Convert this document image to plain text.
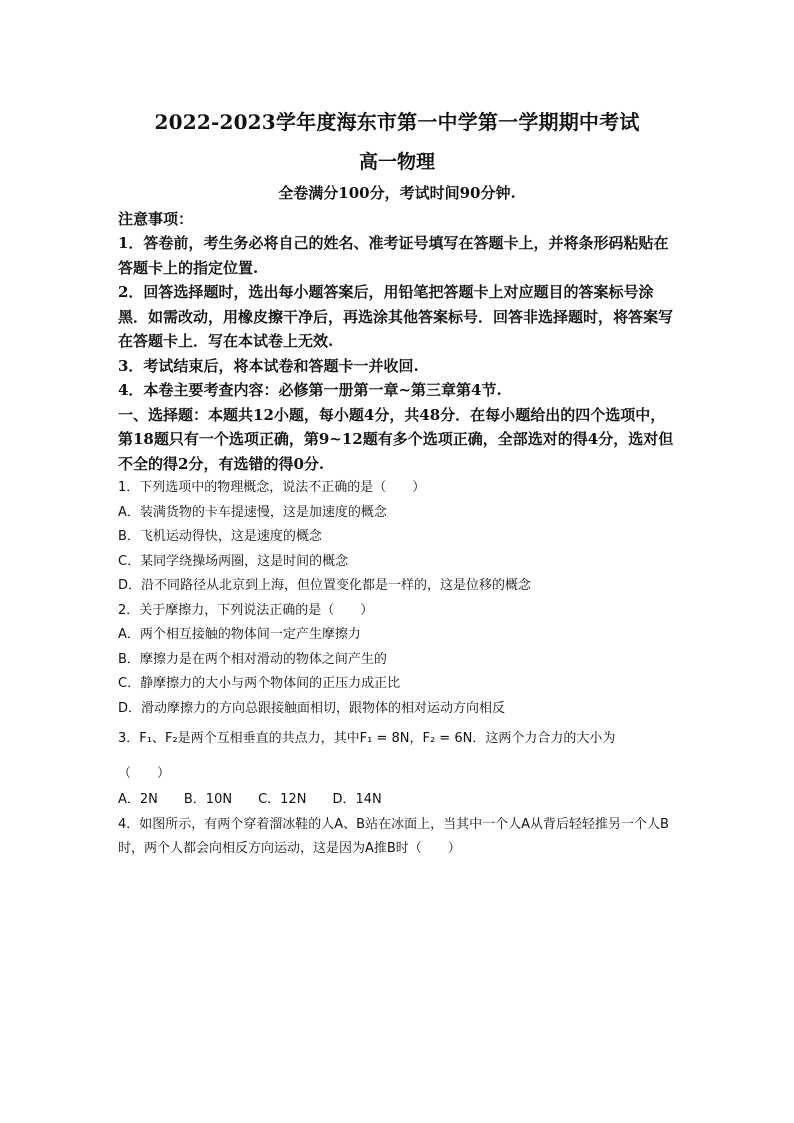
2022-2023学年度海东市第一中学第一学期期中考试
高一物理
全卷满分100分，考试时间90分钟.
注意事项：
1．答卷前，考生务必将自己的姓名、准考证号填写在答题卡上，并将条形码粘贴在答题卡上的指定位置.
2．回答选择题时，选出每小题答案后，用铅笔把答题卡上对应题目的答案标号涂黑．如需改动，用橡皮擦干净后，再选涂其他答案标号．回答非选择题时，将答案写在答题卡上．写在本试卷上无效.
3．考试结束后，将本试卷和答题卡一并收回.
4．本卷主要考查内容：必修第一册第一章~第三章第4节.
一、选择题：本题共12小题，每小题4分，共48分．在每小题给出的四个选项中，第18题只有一个选项正确，第9~12题有多个选项正确，全部选对的得4分，选对但不全的得2分，有选错的得0分.
1．下列选项中的物理概念，说法不正确的是（　　）
A．装满货物的卡车提速慢，这是加速度的概念
B．飞机运动得快，这是速度的概念
C．某同学绕操场两圈，这是时间的概念
D．沿不同路径从北京到上海，但位置变化都是一样的，这是位移的概念
2．关于摩擦力，下列说法正确的是（　　）
A．两个相互接触的物体间一定产生摩擦力
B．摩擦力是在两个相对滑动的物体之间产生的
C．静摩擦力的大小与两个物体间的正压力成正比
D．滑动摩擦力的方向总跟接触面相切，跟物体的相对运动方向相反
3．F₁、F₂是两个互相垂直的共点力，其中F₁ = 8N，F₂ = 6N．这两个力合力的大小为
（　　）
A．2N B．10N C．12N D．14N
4．如图所示，有两个穿着溜冰鞋的人A、B站在冰面上，当其中一个人A从背后轻轻推另一个人B时，两个人都会向相反方向运动，这是因为A推B时（　　）
